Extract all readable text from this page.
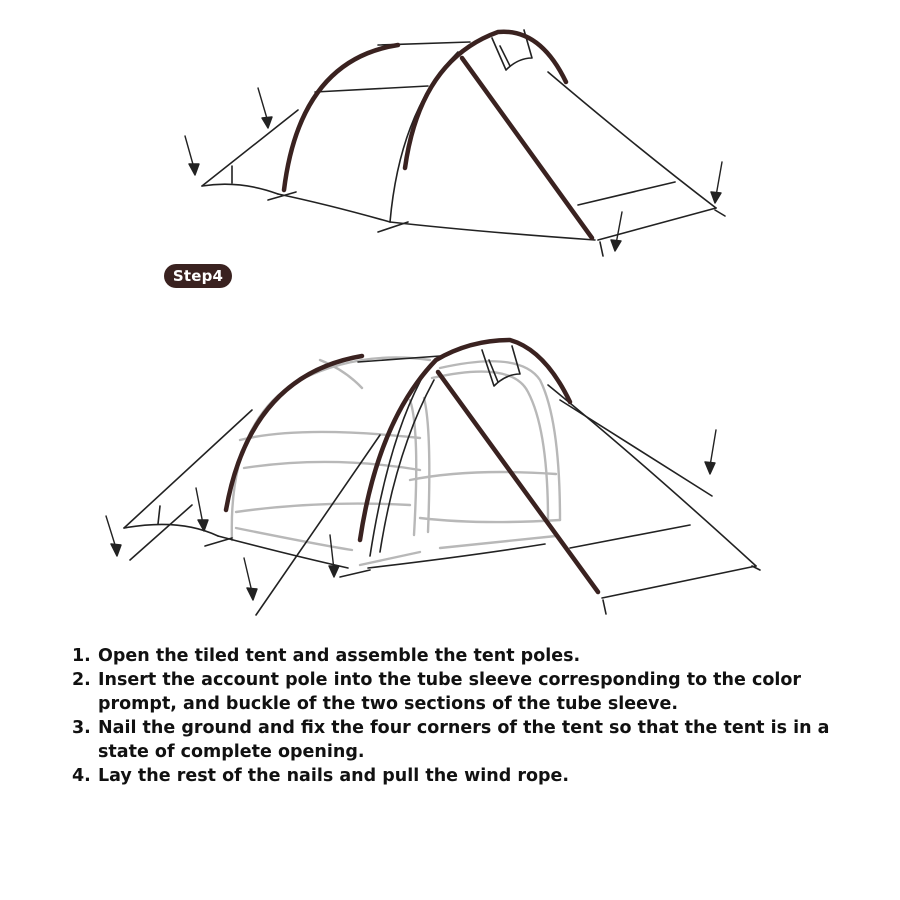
Step4
1. Open the tiled tent and assemble the tent poles.
2. Insert the account pole into the tube sleeve corresponding to the color prompt, and buckle of the two sections of the tube sleeve.
3. Nail the ground and fix the four corners of the tent so that the tent is in a state of complete opening.
4. Lay the rest of the nails and pull the wind rope.
